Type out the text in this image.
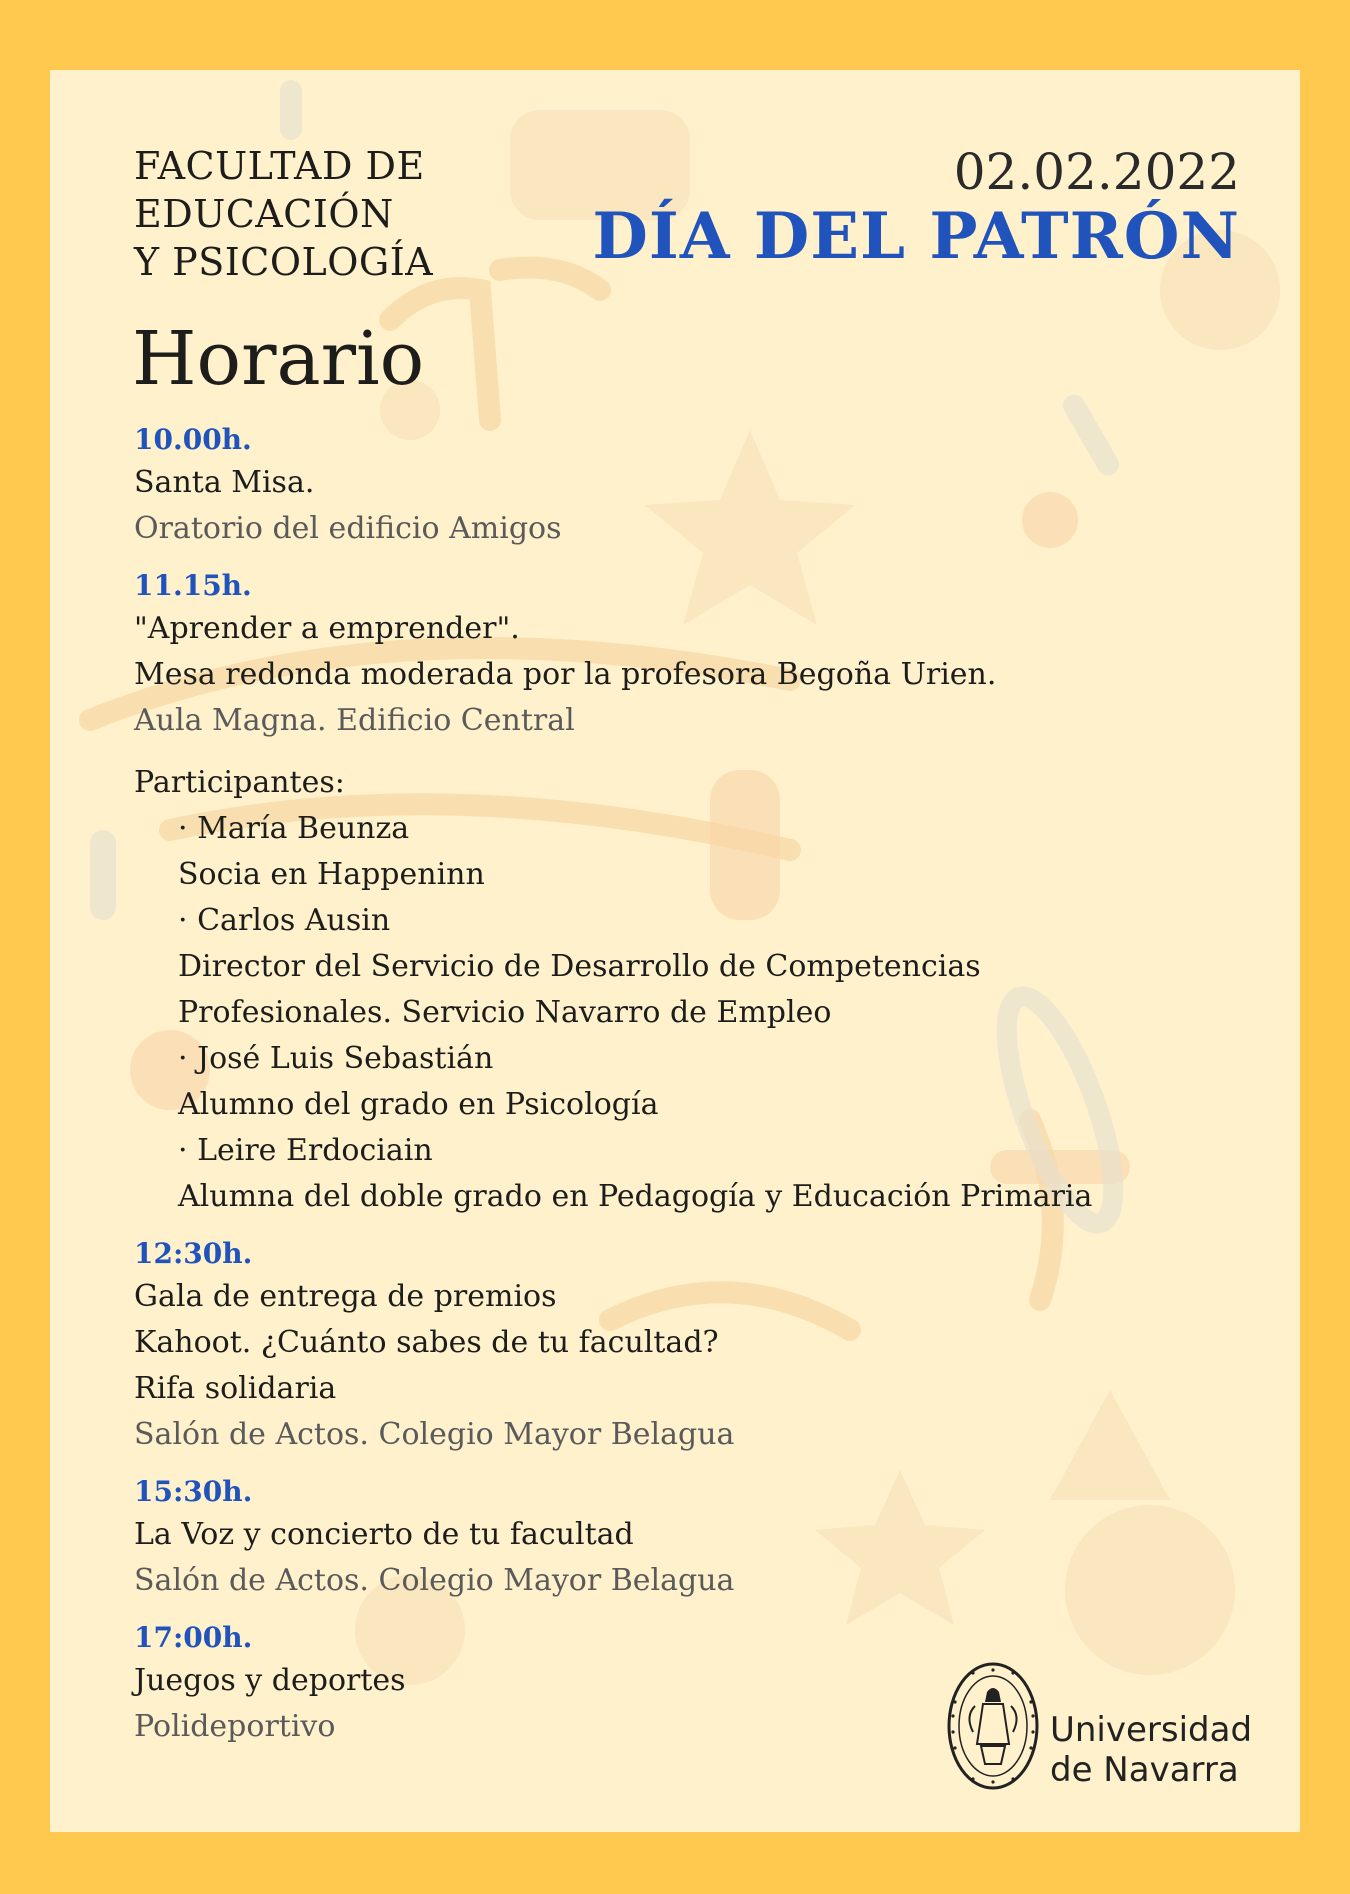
FACULTAD DE
EDUCACIÓN
Y PSICOLOGÍA
02.02.2022
DÍA DEL PATRÓN
Horario
10.00h.
Santa Misa.
Oratorio del edificio Amigos
11.15h.
"Aprender a emprender".
Mesa redonda moderada por la profesora Begoña Urien.
Aula Magna. Edificio Central
Participantes:
· María Beunza
Socia en Happeninn
· Carlos Ausin
Director del Servicio de Desarrollo de Competencias
Profesionales. Servicio Navarro de Empleo
· José Luis Sebastián
Alumno del grado en Psicología
· Leire Erdociain
Alumna del doble grado en Pedagogía y Educación Primaria
12:30h.
Gala de entrega de premios
Kahoot. ¿Cuánto sabes de tu facultad?
Rifa solidaria
Salón de Actos. Colegio Mayor Belagua
15:30h.
La Voz y concierto de tu facultad
Salón de Actos. Colegio Mayor Belagua
17:00h.
Juegos y deportes
Polideportivo	Universidad
de Navarra
